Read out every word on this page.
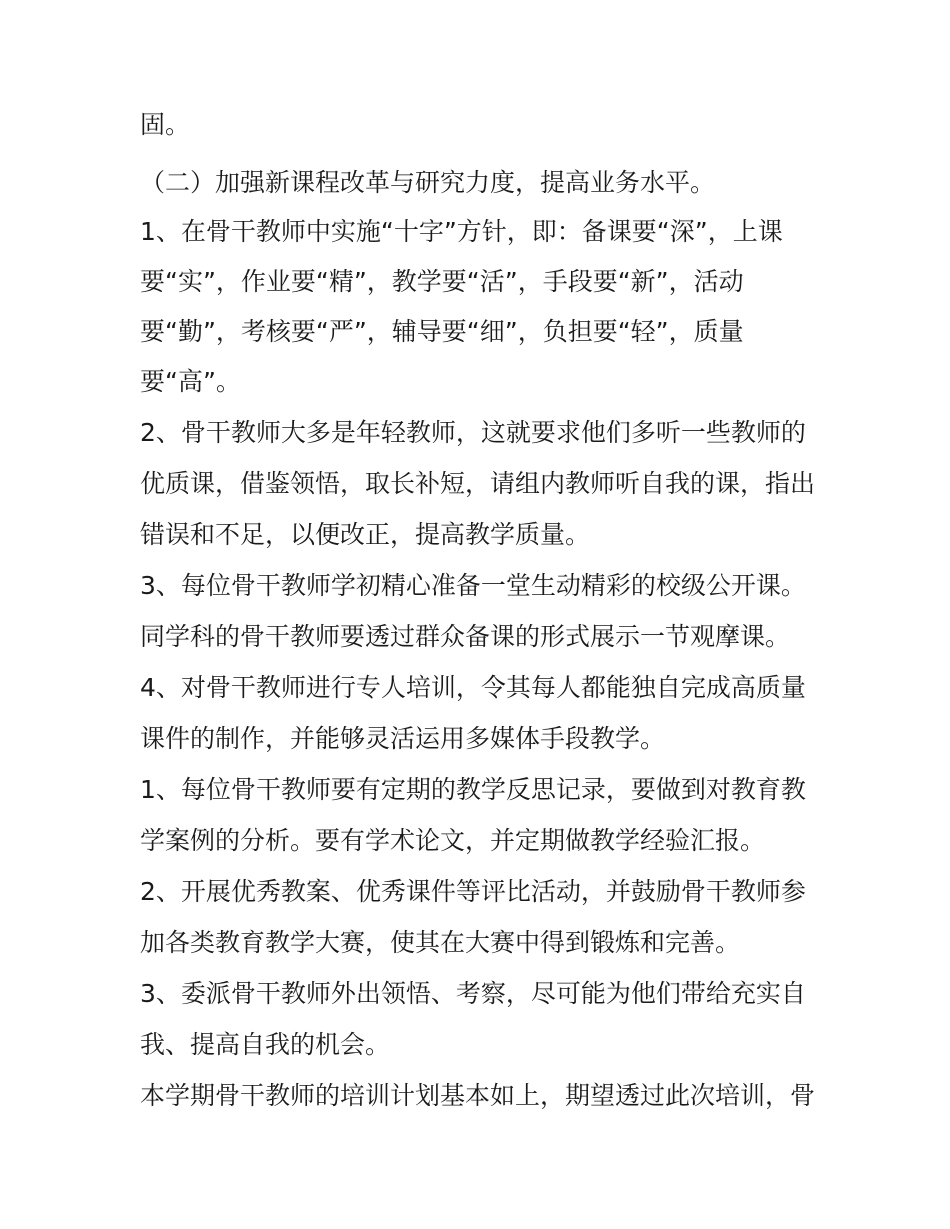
固。
（二）加强新课程改革与研究力度，提高业务水平。
1、在骨干教师中实施“十字”方针，即：备课要“深”，上课
要“实”，作业要“精”，教学要“活”，手段要“新”，活动
要“勤”，考核要“严”，辅导要“细”，负担要“轻”，质量
要“高”。
2、骨干教师大多是年轻教师，这就要求他们多听一些教师的
优质课，借鉴领悟，取长补短，请组内教师听自我的课，指出
错误和不足，以便改正，提高教学质量。
3、每位骨干教师学初精心准备一堂生动精彩的校级公开课。
同学科的骨干教师要透过群众备课的形式展示一节观摩课。
4、对骨干教师进行专人培训，令其每人都能独自完成高质量
课件的制作，并能够灵活运用多媒体手段教学。
1、每位骨干教师要有定期的教学反思记录，要做到对教育教
学案例的分析。要有学术论文，并定期做教学经验汇报。
2、开展优秀教案、优秀课件等评比活动，并鼓励骨干教师参
加各类教育教学大赛，使其在大赛中得到锻炼和完善。
3、委派骨干教师外出领悟、考察，尽可能为他们带给充实自
我、提高自我的机会。
本学期骨干教师的培训计划基本如上，期望透过此次培训，骨
